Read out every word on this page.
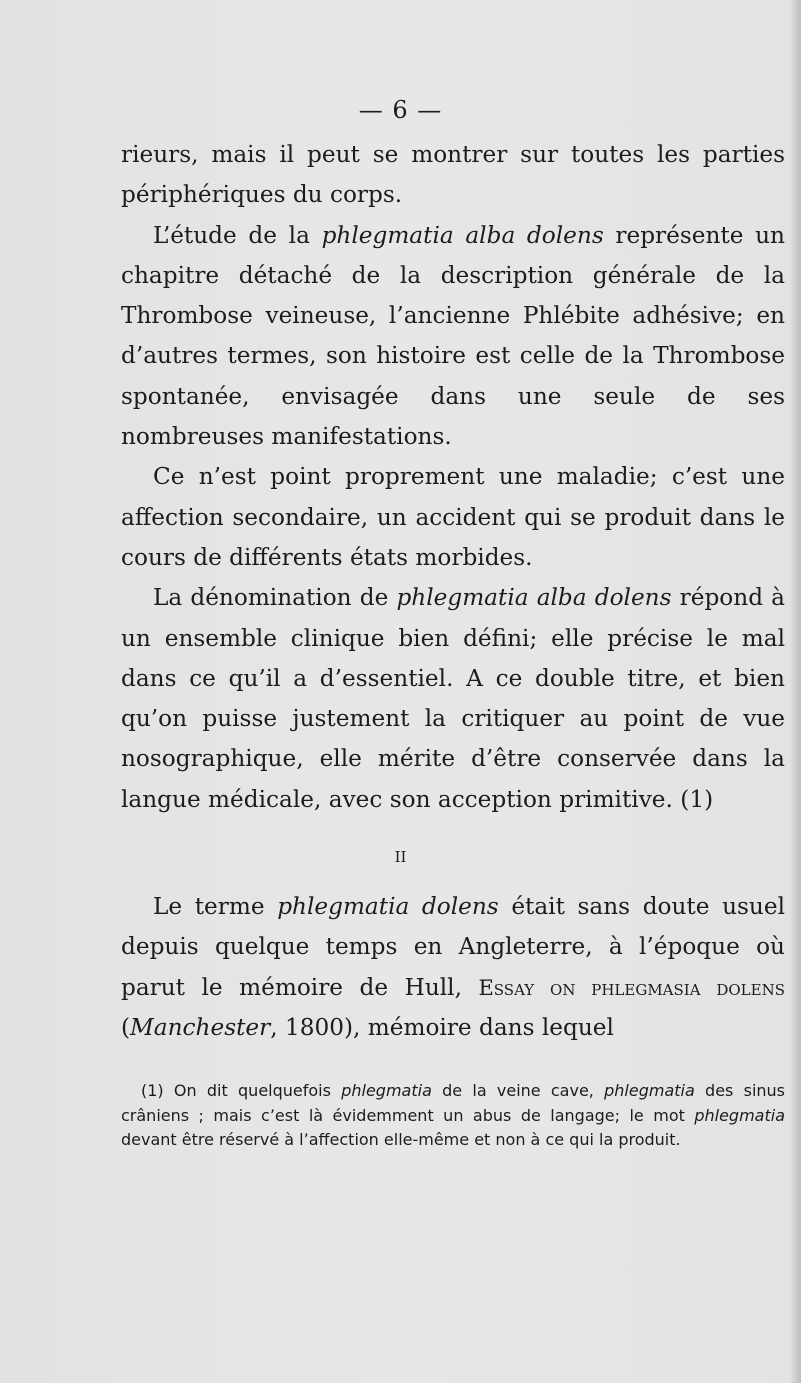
— 6 —

rieurs, mais il peut se montrer sur toutes les parties périphériques du corps.

L’étude de la phlegmatia alba dolens représente un chapitre détaché de la description générale de la Thrombose veineuse, l’ancienne Phlébite adhésive; en d’autres termes, son histoire est celle de la Thrombose spontanée, envisagée dans une seule de ses nombreuses manifestations.

Ce n’est point proprement une maladie; c’est une affection secondaire, un accident qui se produit dans le cours de différents états morbides.

La dénomination de phlegmatia alba dolens répond à un ensemble clinique bien défini; elle précise le mal dans ce qu’il a d’essentiel. A ce double titre, et bien qu’on puisse justement la critiquer au point de vue nosographique, elle mérite d’être conservée dans la langue médicale, avec son acception primitive. (1)

II

Le terme phlegmatia dolens était sans doute usuel depuis quelque temps en Angleterre, à l’époque où parut le mémoire de Hull, Essay on phlegmasia dolens (Manchester, 1800), mémoire dans lequel

(1) On dit quelquefois phlegmatia de la veine cave, phlegmatia des sinus crâniens ; mais c’est là évidemment un abus de langage; le mot phlegmatia devant être réservé à l’affection elle-même et non à ce qui la produit.
